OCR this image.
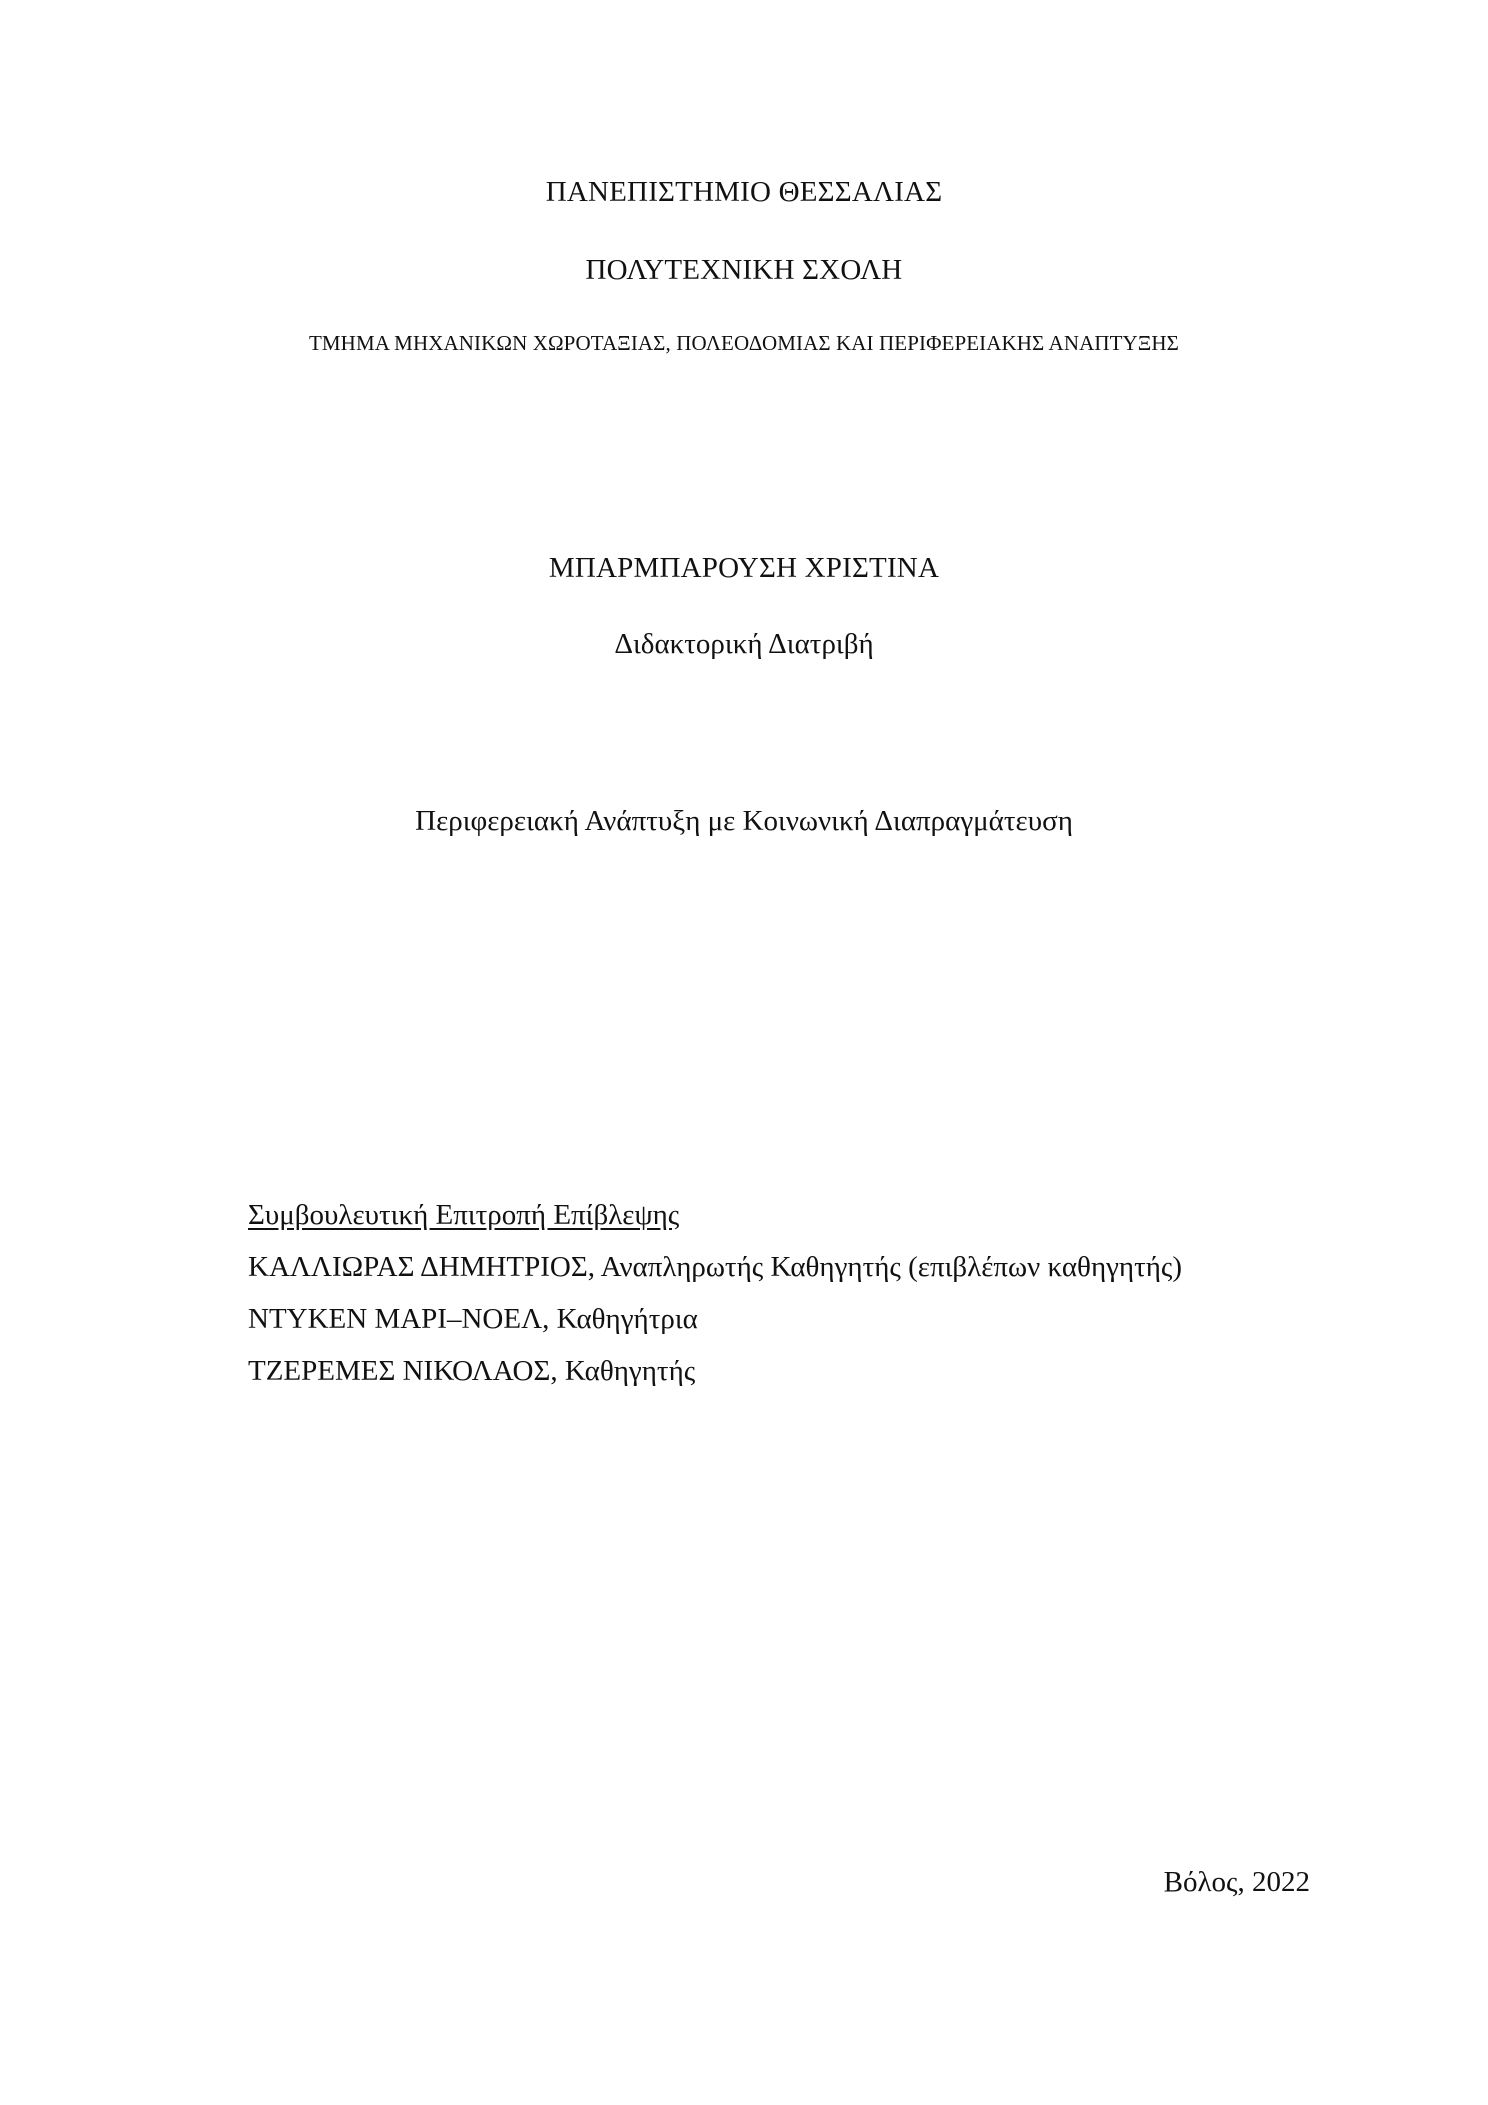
ΠΑΝΕΠΙΣΤΗΜΙΟ ΘΕΣΣΑΛΙΑΣ
ΠΟΛΥΤΕΧΝΙΚΗ ΣΧΟΛΗ
ΤΜΗΜΑ ΜΗΧΑΝΙΚΩΝ ΧΩΡΟΤΑΞΙΑΣ, ΠΟΛΕΟΔΟΜΙΑΣ ΚΑΙ ΠΕΡΙΦΕΡΕΙΑΚΗΣ ΑΝΑΠΤΥΞΗΣ
ΜΠΑΡΜΠΑΡΟΥΣΗ ΧΡΙΣΤΙΝΑ
Διδακτορική Διατριβή
Περιφερειακή Ανάπτυξη με Κοινωνική Διαπραγμάτευση
Συμβουλευτική Επιτροπή Επίβλεψης
ΚΑΛΛΙΩΡΑΣ ΔΗΜΗΤΡΙΟΣ, Αναπληρωτής Καθηγητής (επιβλέπων καθηγητής)
ΝΤΥΚΕΝ ΜΑΡΙ–ΝΟΕΛ, Καθηγήτρια
ΤΖΕΡΕΜΕΣ ΝΙΚΟΛΑΟΣ, Καθηγητής
Βόλος, 2022
